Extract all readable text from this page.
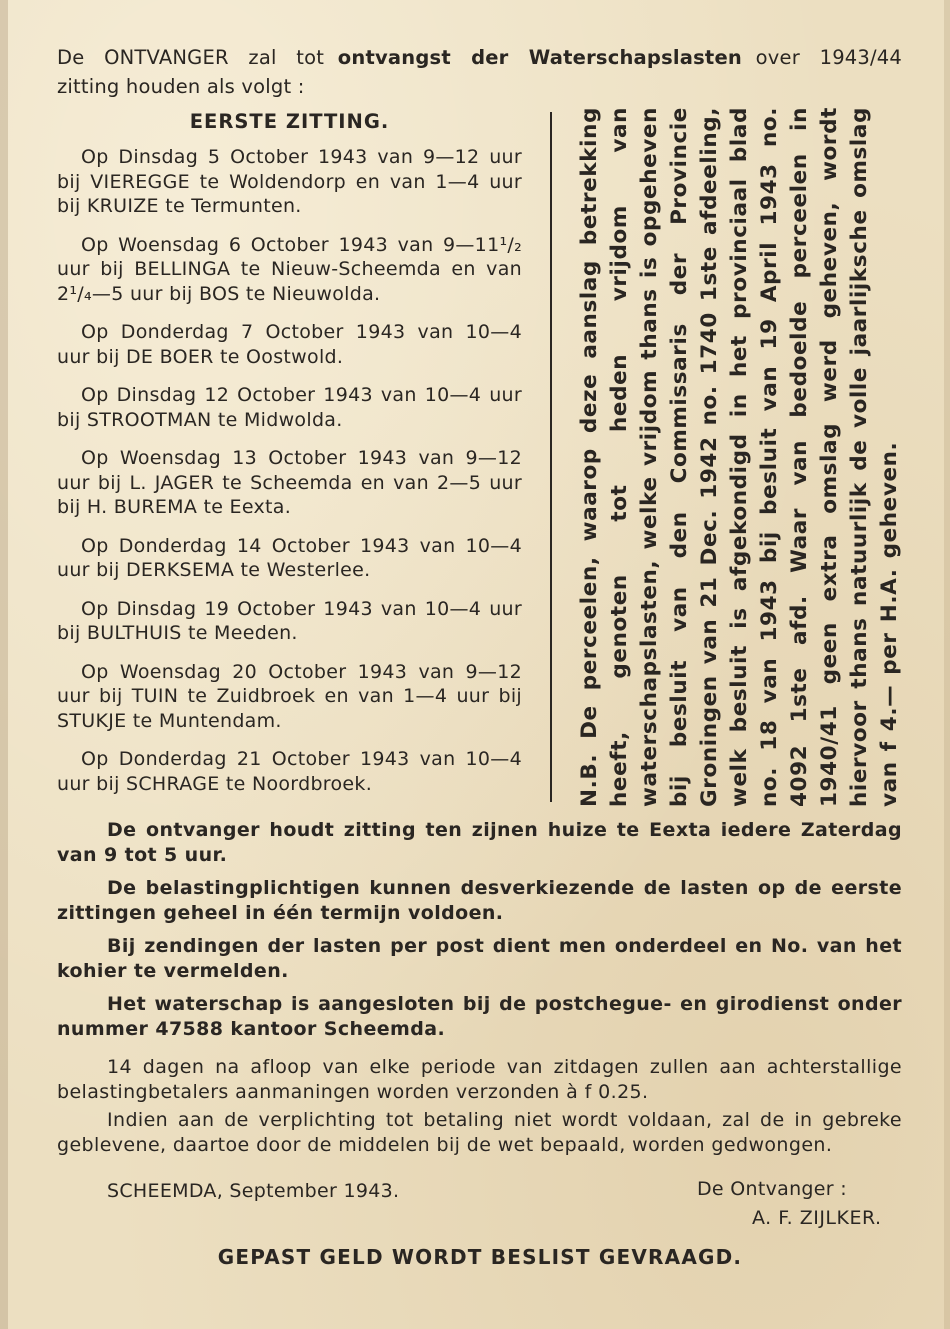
De ONTVANGER zal tot ontvangst der Waterschapslasten over 1943/44
zitting houden als volgt :
EERSTE ZITTING.
Op Dinsdag 5 October 1943 van 9—12 uur bij VIEREGGE te Woldendorp en van 1—4 uur bij KRUIZE te Termunten.
Op Woensdag 6 October 1943 van 9—11¹/₂ uur bij BELLINGA te Nieuw-Scheemda en van 2¹/₄—5 uur bij BOS te Nieuwolda.
Op Donderdag 7 October 1943 van 10—4 uur bij DE BOER te Oostwold.
Op Dinsdag 12 October 1943 van 10—4 uur bij STROOTMAN te Midwolda.
Op Woensdag 13 October 1943 van 9—12 uur bij L. JAGER te Scheemda en van 2—5 uur bij H. BUREMA te Eexta.
Op Donderdag 14 October 1943 van 10—4 uur bij DERKSEMA te Westerlee.
Op Dinsdag 19 October 1943 van 10—4 uur bij BULTHUIS te Meeden.
Op Woensdag 20 October 1943 van 9—12 uur bij TUIN te Zuidbroek en van 1—4 uur bij STUKJE te Muntendam.
Op Donderdag 21 October 1943 van 10—4 uur bij SCHRAGE te Noordbroek.	N.B. De perceelen, waarop deze aanslag betrekking heeft, genoten tot heden vrijdom van waterschapslasten, welke vrijdom thans is opgeheven bij besluit van den Commissaris der Provincie Groningen van 21 Dec. 1942 no. 1740 1ste afdeeling, welk besluit is afgekondigd in het provinciaal blad no. 18 van 1943 bij besluit van 19 April 1943 no. 4092 1ste afd. Waar van bedoelde perceelen in 1940/41 geen extra omslag werd geheven, wordt hiervoor thans natuurlijk de volle jaarlijksche omslag van f 4.— per H.A. geheven.
De ontvanger houdt zitting ten zijnen huize te Eexta iedere Zaterdag van 9 tot 5 uur.
De belastingplichtigen kunnen desverkiezende de lasten op de eerste zittingen geheel in één termijn voldoen.
Bij zendingen der lasten per post dient men onderdeel en No. van het kohier te vermelden.
Het waterschap is aangesloten bij de postchegue- en girodienst onder nummer 47588 kantoor Scheemda.
14 dagen na afloop van elke periode van zitdagen zullen aan achterstallige belastingbetalers aanmaningen worden verzonden à f 0.25.
Indien aan de verplichting tot betaling niet wordt voldaan, zal de in gebreke geblevene, daartoe door de middelen bij de wet bepaald, worden gedwongen.
SCHEEMDA, September 1943.	De Ontvanger :
A. F. ZIJLKER.
GEPAST GELD WORDT BESLIST GEVRAAGD.
